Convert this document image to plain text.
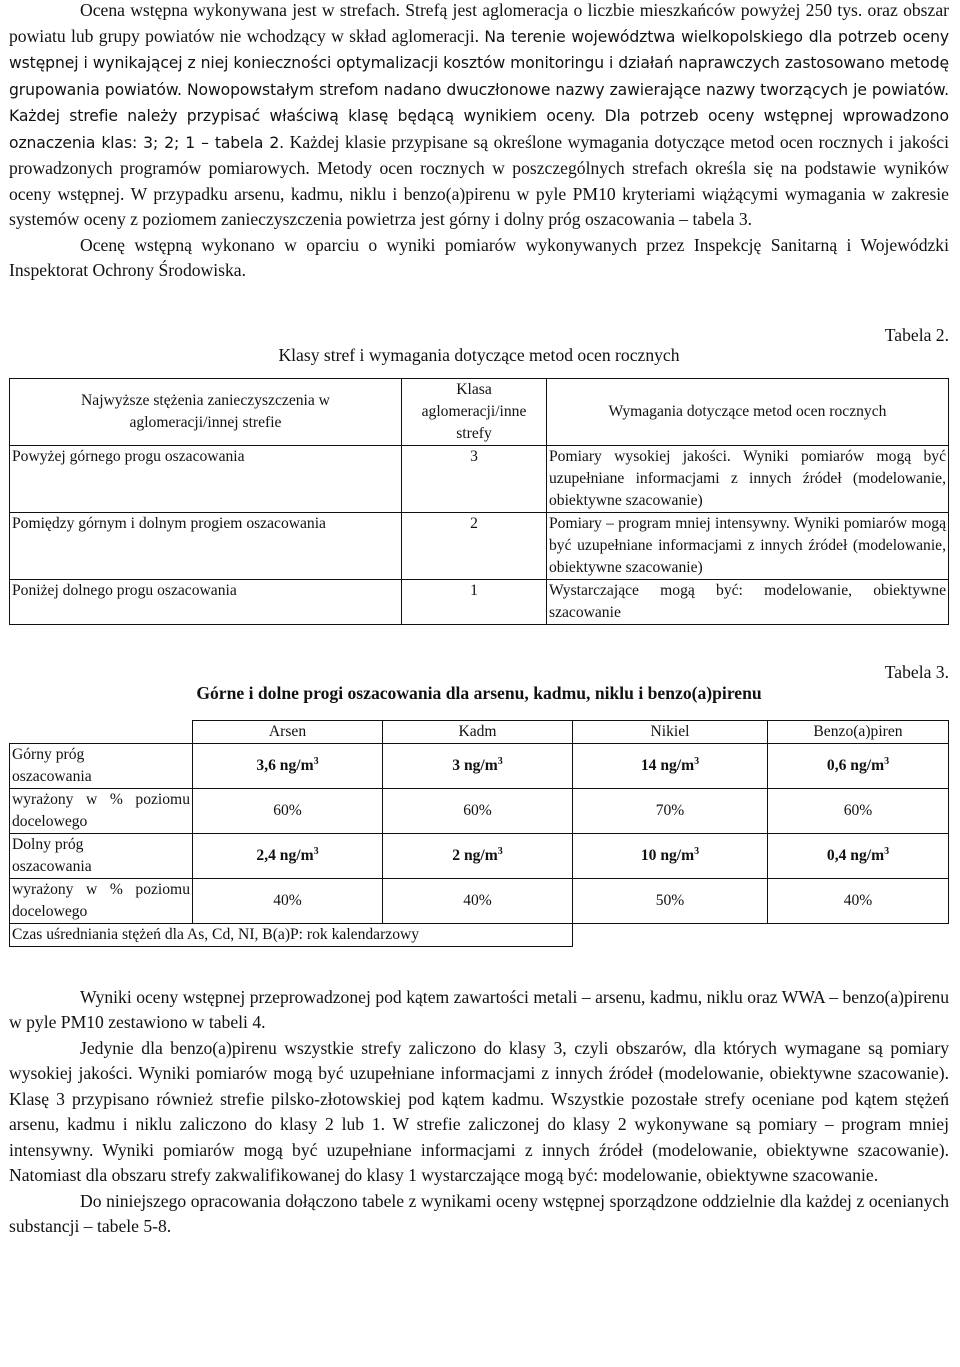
Ocena wstępna wykonywana jest w strefach. Strefą jest aglomeracja o liczbie mieszkańców powyżej 250 tys. oraz obszar powiatu lub grupy powiatów nie wchodzący w skład aglomeracji. Na terenie województwa wielkopolskiego dla potrzeb oceny wstępnej i wynikającej z niej konieczności optymalizacji kosztów monitoringu i działań naprawczych zastosowano metodę grupowania powiatów. Nowopowstałym strefom nadano dwuczłonowe nazwy zawierające nazwy tworzących je powiatów. Każdej strefie należy przypisać właściwą klasę będącą wynikiem oceny. Dla potrzeb oceny wstępnej wprowadzono oznaczenia klas: 3; 2; 1 – tabela 2. Każdej klasie przypisane są określone wymagania dotyczące metod ocen rocznych i jakości prowadzonych programów pomiarowych. Metody ocen rocznych w poszczególnych strefach określa się na podstawie wyników oceny wstępnej. W przypadku arsenu, kadmu, niklu i benzo(a)pirenu w pyle PM10 kryteriami wiążącymi wymagania w zakresie systemów oceny z poziomem zanieczyszczenia powietrza jest górny i dolny próg oszacowania – tabela 3.

Ocenę wstępną wykonano w oparciu o wyniki pomiarów wykonywanych przez Inspekcję Sanitarną i Wojewódzki Inspektorat Ochrony Środowiska.

Tabela 2.
Klasy stref i wymagania dotyczące metod ocen rocznych
Najwyższe stężenia zanieczyszczenia w aglomeracji/innej strefie	Klasa aglomeracji/inne strefy	Wymagania dotyczące metod ocen rocznych
Powyżej górnego progu oszacowania	3	Pomiary wysokiej jakości. Wyniki pomiarów mogą być uzupełniane informacjami z innych źródeł (modelowanie, obiektywne szacowanie)
Pomiędzy górnym i dolnym progiem oszacowania	2	Pomiary – program mniej intensywny. Wyniki pomiarów mogą być uzupełniane informacjami z innych źródeł (modelowanie, obiektywne szacowanie)
Poniżej dolnego progu oszacowania	1	Wystarczające mogą być: modelowanie, obiektywne szacowanie
Tabela 3.
Górne i dolne progi oszacowania dla arsenu, kadmu, niklu i benzo(a)pirenu
	Arsen	Kadm	Nikiel	Benzo(a)piren
Górny próg oszacowania	3,6 $ng/m^3$	3 $ng/m^3$	14 $ng/m^3$	0,6 $ng/m^3$
wyrażony w % poziomu docelowego	60%	60%	70%	60%
Dolny próg oszacowania	2,4 $ng/m^3$	2 $ng/m^3$	10 $ng/m^3$	0,4 $ng/m^3$
wyrażony w % poziomu docelowego	40%	40%	50%	40%
Czas uśredniania stężeń dla As, Cd, NI, B(a)P: rok kalendarzowy				

Wyniki oceny wstępnej przeprowadzonej pod kątem zawartości metali – arsenu, kadmu, niklu oraz WWA – benzo(a)pirenu w pyle PM10 zestawiono w tabeli 4.

Jedynie dla benzo(a)pirenu wszystkie strefy zaliczono do klasy 3, czyli obszarów, dla których wymagane są pomiary wysokiej jakości. Wyniki pomiarów mogą być uzupełniane informacjami z innych źródeł (modelowanie, obiektywne szacowanie). Klasę 3 przypisano również strefie pilsko-złotowskiej pod kątem kadmu. Wszystkie pozostałe strefy oceniane pod kątem stężeń arsenu, kadmu i niklu zaliczono do klasy 2 lub 1. W strefie zaliczonej do klasy 2 wykonywane są pomiary – program mniej intensywny. Wyniki pomiarów mogą być uzupełniane informacjami z innych źródeł (modelowanie, obiektywne szacowanie). Natomiast dla obszaru strefy zakwalifikowanej do klasy 1 wystarczające mogą być: modelowanie, obiektywne szacowanie.

Do niniejszego opracowania dołączono tabele z wynikami oceny wstępnej sporządzone oddzielnie dla każdej z ocenianych substancji – tabele 5-8.
